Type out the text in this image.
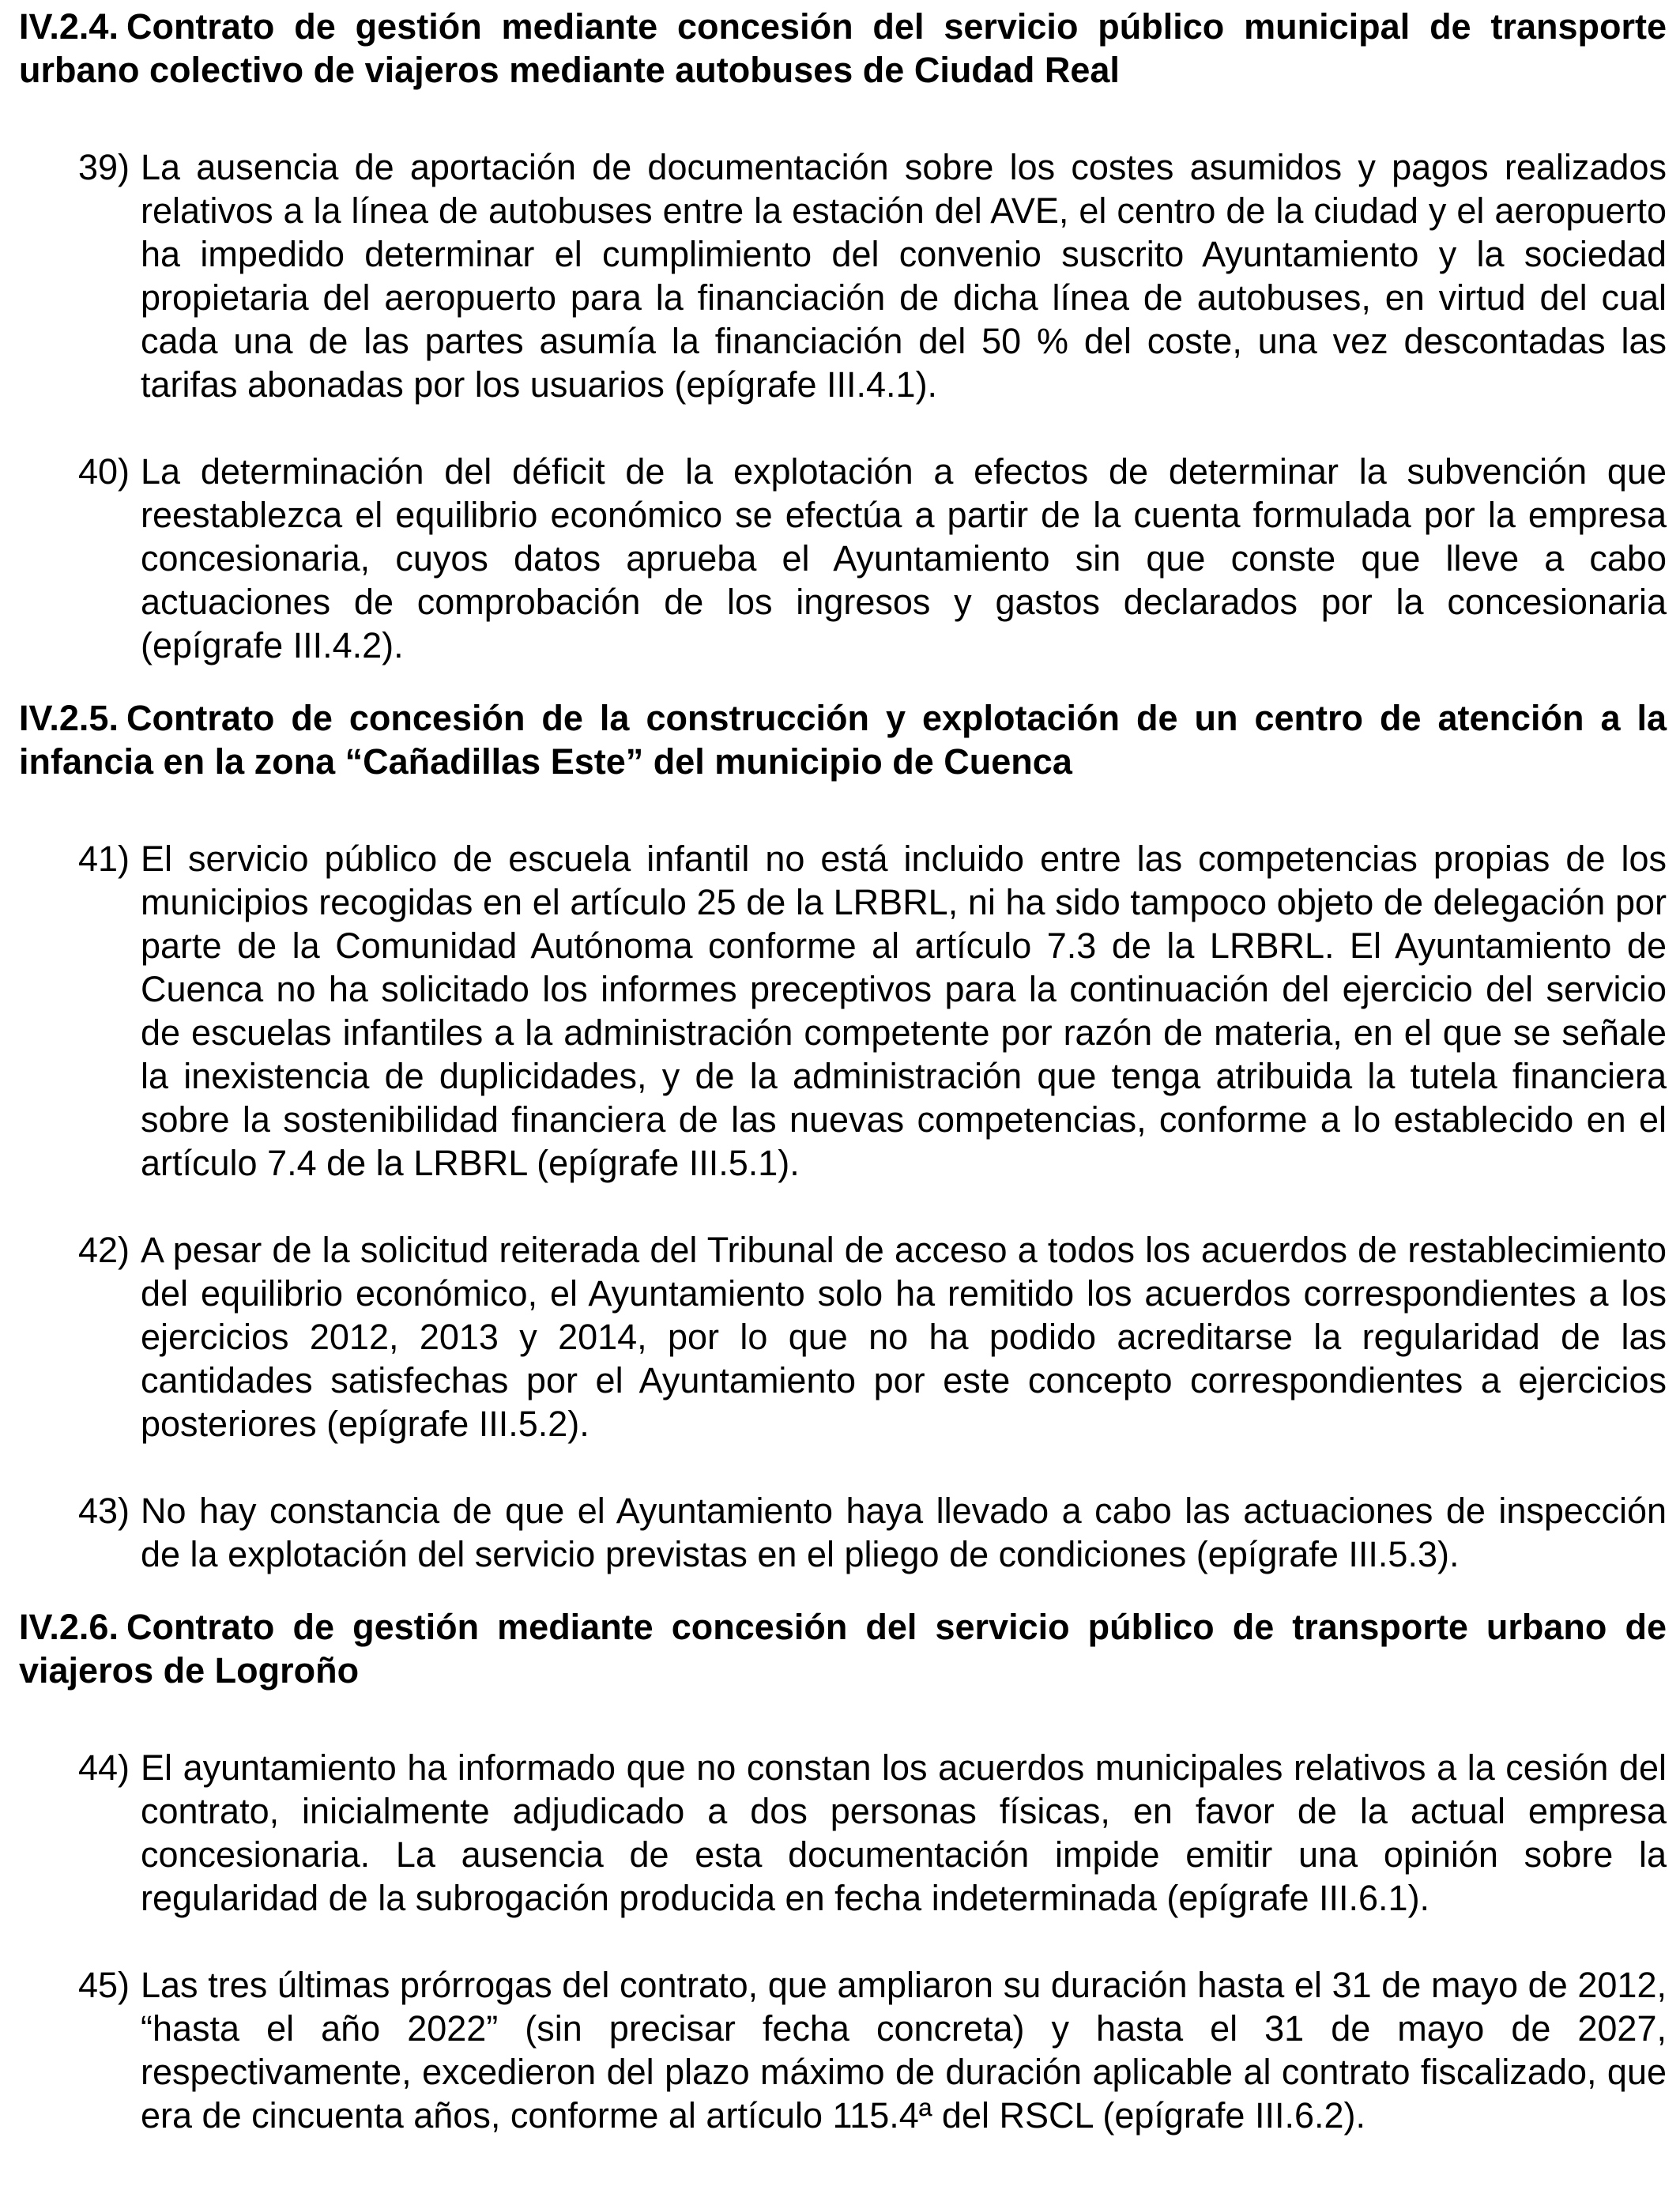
IV.2.4. Contrato de gestión mediante concesión del servicio público municipal de transporte urbano colectivo de viajeros mediante autobuses de Ciudad Real
39) La ausencia de aportación de documentación sobre los costes asumidos y pagos realizados relativos a la línea de autobuses entre la estación del AVE, el centro de la ciudad y el aeropuerto ha impedido determinar el cumplimiento del convenio suscrito Ayuntamiento y la sociedad propietaria del aeropuerto para la financiación de dicha línea de autobuses, en virtud del cual cada una de las partes asumía la financiación del 50 % del coste, una vez descontadas las tarifas abonadas por los usuarios (epígrafe III.4.1).

40) La determinación del déficit de la explotación a efectos de determinar la subvención que reestablezca el equilibrio económico se efectúa a partir de la cuenta formulada por la empresa concesionaria, cuyos datos aprueba el Ayuntamiento sin que conste que lleve a cabo actuaciones de comprobación de los ingresos y gastos declarados por la concesionaria (epígrafe III.4.2).

IV.2.5. Contrato de concesión de la construcción y explotación de un centro de atención a la infancia en la zona “Cañadillas Este” del municipio de Cuenca
41) El servicio público de escuela infantil no está incluido entre las competencias propias de los municipios recogidas en el artículo 25 de la LRBRL, ni ha sido tampoco objeto de delegación por parte de la Comunidad Autónoma conforme al artículo 7.3 de la LRBRL. El Ayuntamiento de Cuenca no ha solicitado los informes preceptivos para la continuación del ejercicio del servicio de escuelas infantiles a la administración competente por razón de materia, en el que se señale la inexistencia de duplicidades, y de la administración que tenga atribuida la tutela financiera sobre la sostenibilidad financiera de las nuevas competencias, conforme a lo establecido en el artículo 7.4 de la LRBRL (epígrafe III.5.1).

42) A pesar de la solicitud reiterada del Tribunal de acceso a todos los acuerdos de restablecimiento del equilibrio económico, el Ayuntamiento solo ha remitido los acuerdos correspondientes a los ejercicios 2012, 2013 y 2014, por lo que no ha podido acreditarse la regularidad de las cantidades satisfechas por el Ayuntamiento por este concepto correspondientes a ejercicios posteriores (epígrafe III.5.2).

43) No hay constancia de que el Ayuntamiento haya llevado a cabo las actuaciones de inspección de la explotación del servicio previstas en el pliego de condiciones (epígrafe III.5.3).

IV.2.6. Contrato de gestión mediante concesión del servicio público de transporte urbano de viajeros de Logroño
44) El ayuntamiento ha informado que no constan los acuerdos municipales relativos a la cesión del contrato, inicialmente adjudicado a dos personas físicas, en favor de la actual empresa concesionaria. La ausencia de esta documentación impide emitir una opinión sobre la regularidad de la subrogación producida en fecha indeterminada (epígrafe III.6.1).

45) Las tres últimas prórrogas del contrato, que ampliaron su duración hasta el 31 de mayo de 2012, “hasta el año 2022” (sin precisar fecha concreta) y hasta el 31 de mayo de 2027, respectivamente, excedieron del plazo máximo de duración aplicable al contrato fiscalizado, que era de cincuenta años, conforme al artículo 115.4ª del RSCL (epígrafe III.6.2).
